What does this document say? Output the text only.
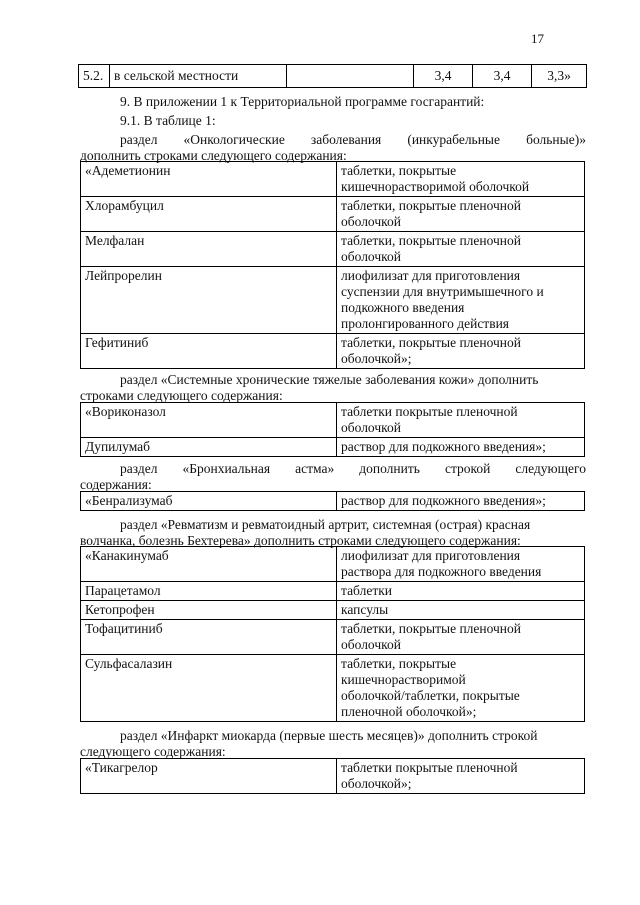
17
5.2.	в сельской местности		3,4	3,4	3,3»
9. В приложении 1 к Территориальной программе госгарантий:
9.1. В таблице 1:
раздел «Онкологические заболевания (инкурабельные больные)»
дополнить строками следующего содержания:
«Адеметионин	таблетки, покрытые
кишечнорастворимой оболочкой

Хлорамбуцил	таблетки, покрытые пленочной
оболочкой

Мелфалан	таблетки, покрытые пленочной
оболочкой

Лейпрорелин	лиофилизат для приготовления
суспензии для внутримышечного и
подкожного введения
пролонгированного действия

Гефитиниб	таблетки, покрытые пленочной
оболочкой»;
раздел «Системные хронические тяжелые заболевания кожи» дополнить
строками следующего содержания:
«Вориконазол	таблетки покрытые пленочной
оболочкой

Дупилумаб	раствор для подкожного введения»;
раздел «Бронхиальная астма» дополнить строкой следующего
содержания:
«Бенрализумаб	раствор для подкожного введения»;
раздел «Ревматизм и ревматоидный артрит, системная (острая) красная
волчанка, болезнь Бехтерева» дополнить строками следующего содержания:
«Канакинумаб	лиофилизат для приготовления
раствора для подкожного введения

Парацетамол	таблетки

Кетопрофен	капсулы

Тофацитиниб	таблетки, покрытые пленочной
оболочкой

Сульфасалазин	таблетки, покрытые
кишечнорастворимой
оболочкой/таблетки, покрытые
пленочной оболочкой»;
раздел «Инфаркт миокарда (первые шесть месяцев)» дополнить строкой
следующего содержания:
«Тикагрелор	таблетки покрытые пленочной
оболочкой»;
